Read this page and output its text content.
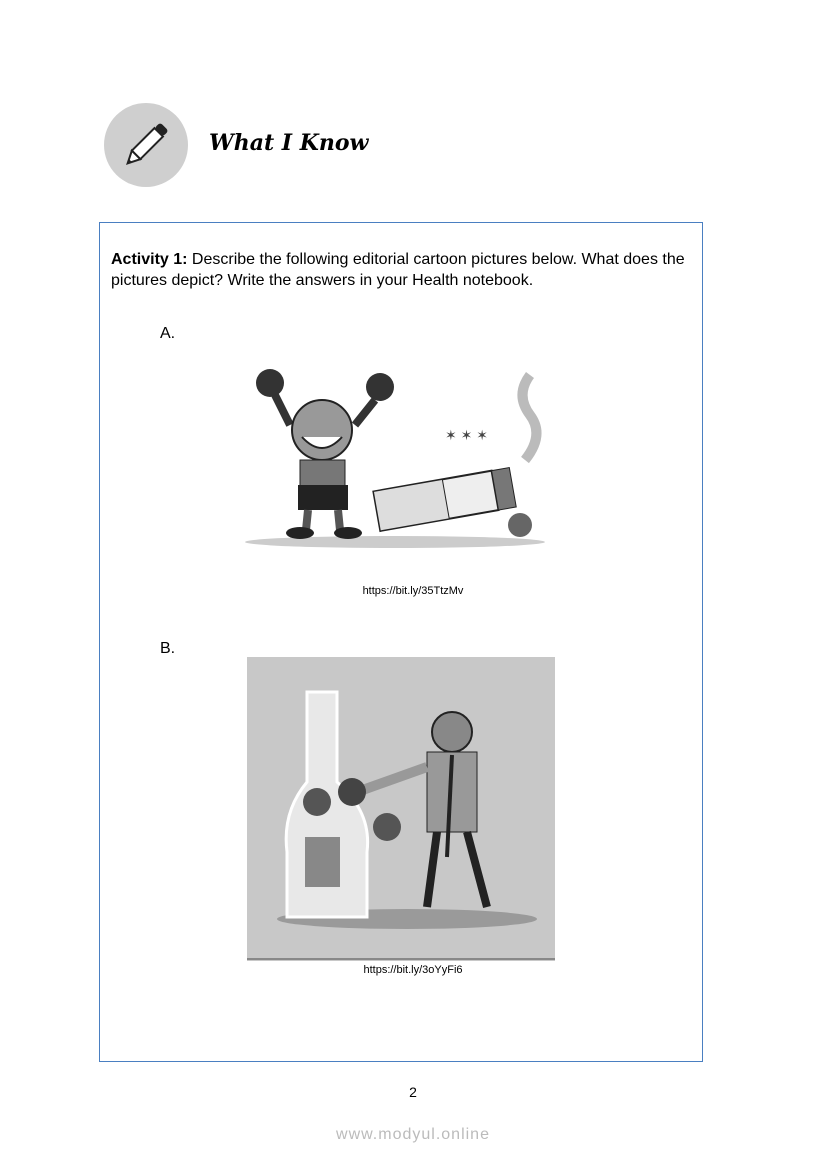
What I Know
Activity 1: Describe the following editorial cartoon pictures below. What does the pictures depict? Write the answers in your Health notebook.
A.
✶ ✶ ✶
https://bit.ly/35TtzMv
B.
https://bit.ly/3oYyFi6
2
www.modyul.online
